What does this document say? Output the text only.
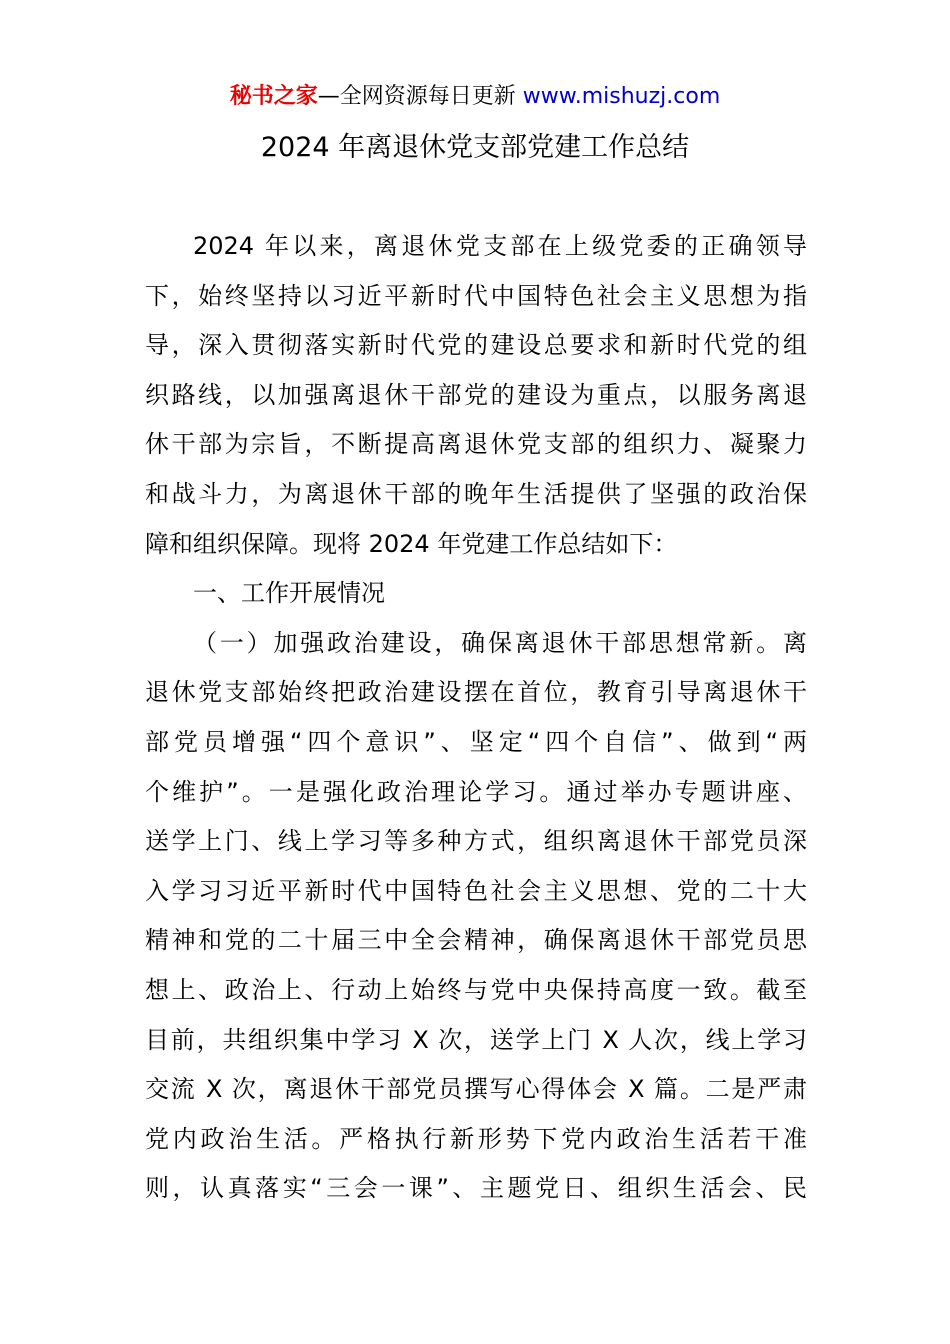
秘书之家—全网资源每日更新 www.mishuzj.com
2024 年离退休党支部党建工作总结
2024 年以来，离退休党支部在上级党委的正确领导
下，始终坚持以习近平新时代中国特色社会主义思想为指
导，深入贯彻落实新时代党的建设总要求和新时代党的组
织路线，以加强离退休干部党的建设为重点，以服务离退
休干部为宗旨，不断提高离退休党支部的组织力、凝聚力
和战斗力，为离退休干部的晚年生活提供了坚强的政治保
障和组织保障。现将 2024 年党建工作总结如下：
一、工作开展情况
（一）加强政治建设，确保离退休干部思想常新。离
退休党支部始终把政治建设摆在首位，教育引导离退休干
部党员增强“四个意识”、坚定“四个自信”、做到“两
个维护”。一是强化政治理论学习。通过举办专题讲座、
送学上门、线上学习等多种方式，组织离退休干部党员深
入学习习近平新时代中国特色社会主义思想、党的二十大
精神和党的二十届三中全会精神，确保离退休干部党员思
想上、政治上、行动上始终与党中央保持高度一致。截至
目前，共组织集中学习 X 次，送学上门 X 人次，线上学习
交流 X 次，离退休干部党员撰写心得体会 X 篇。二是严肃
党内政治生活。严格执行新形势下党内政治生活若干准
则，认真落实“三会一课”、主题党日、组织生活会、民
